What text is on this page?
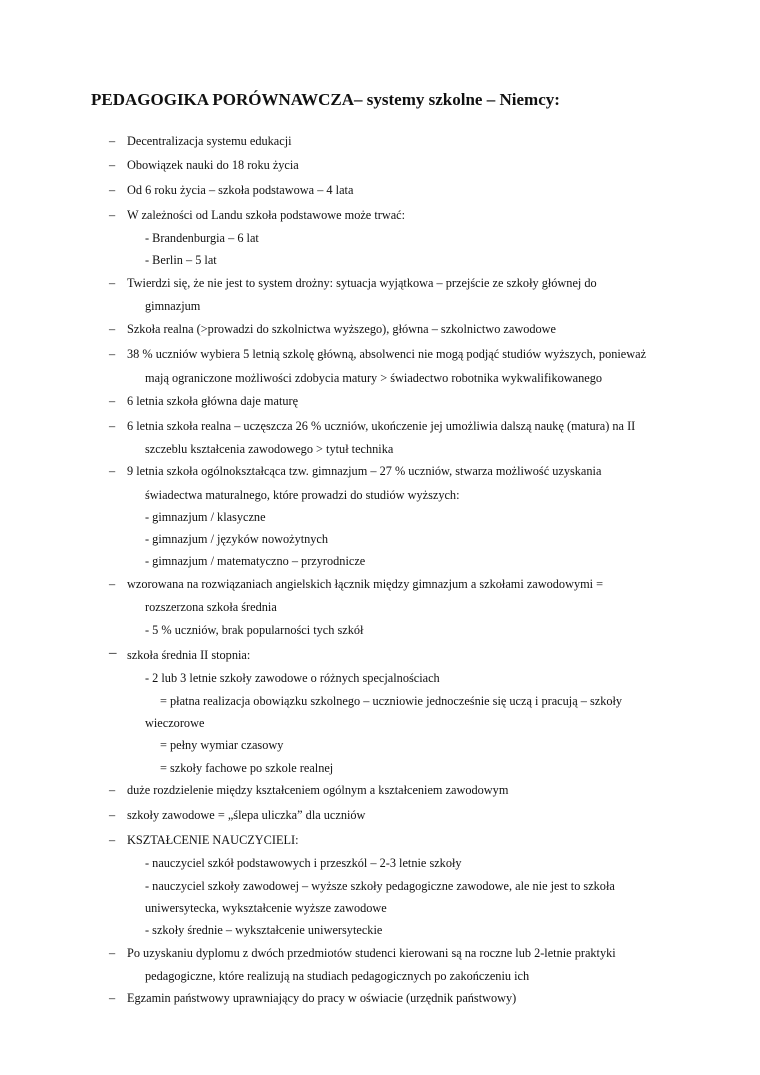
PEDAGOGIKA PORÓWNAWCZA– systemy szkolne – Niemcy:
–
–
–
–
–
–
–
–
–
–
–
–
–
–
–
–
–
Decentralizacja systemu edukacji
Obowiązek nauki do 18 roku życia
Od 6 roku życia – szkoła podstawowa – 4 lata
W zależności od Landu szkoła podstawowe może trwać:
- Brandenburgia – 6 lat
- Berlin – 5 lat
Twierdzi się, że nie jest to system drożny: sytuacja wyjątkowa – przejście ze szkoły głównej do
gimnazjum
Szkoła realna (>prowadzi do szkolnictwa wyższego), główna – szkolnictwo zawodowe
38 % uczniów wybiera 5 letnią szkolę główną, absolwenci nie mogą podjąć studiów wyższych, ponieważ
mają ograniczone możliwości zdobycia matury > świadectwo robotnika wykwalifikowanego
6 letnia szkoła główna daje maturę
6 letnia szkoła realna – uczęszcza 26 % uczniów, ukończenie jej umożliwia dalszą naukę (matura) na II
szczeblu kształcenia zawodowego > tytuł technika
9 letnia szkoła ogólnokształcąca tzw. gimnazjum – 27 % uczniów, stwarza możliwość uzyskania
świadectwa maturalnego, które prowadzi do studiów wyższych:
- gimnazjum / klasyczne
- gimnazjum / języków nowożytnych
- gimnazjum / matematyczno – przyrodnicze
wzorowana na rozwiązaniach angielskich łącznik między gimnazjum a szkołami zawodowymi =
rozszerzona szkoła średnia
- 5 % uczniów, brak popularności tych szkół
szkoła średnia II stopnia:
- 2 lub 3 letnie szkoły zawodowe o różnych specjalnościach
= płatna realizacja obowiązku szkolnego – uczniowie jednocześnie się uczą i pracują – szkoły
wieczorowe
= pełny wymiar czasowy
= szkoły fachowe po szkole realnej
duże rozdzielenie między kształceniem ogólnym a kształceniem zawodowym
szkoły zawodowe = „ślepa uliczka” dla uczniów
KSZTAŁCENIE NAUCZYCIELI:
- nauczyciel szkół podstawowych i przeszkól – 2-3 letnie szkoły
- nauczyciel szkoły zawodowej – wyższe szkoły pedagogiczne zawodowe, ale nie jest to szkoła
uniwersytecka, wykształcenie wyższe zawodowe
- szkoły średnie – wykształcenie uniwersyteckie
Po uzyskaniu dyplomu z dwóch przedmiotów studenci kierowani są na roczne lub 2-letnie praktyki
pedagogiczne, które realizują na studiach pedagogicznych po zakończeniu ich
Egzamin państwowy uprawniający do pracy w oświacie (urzędnik państwowy)
